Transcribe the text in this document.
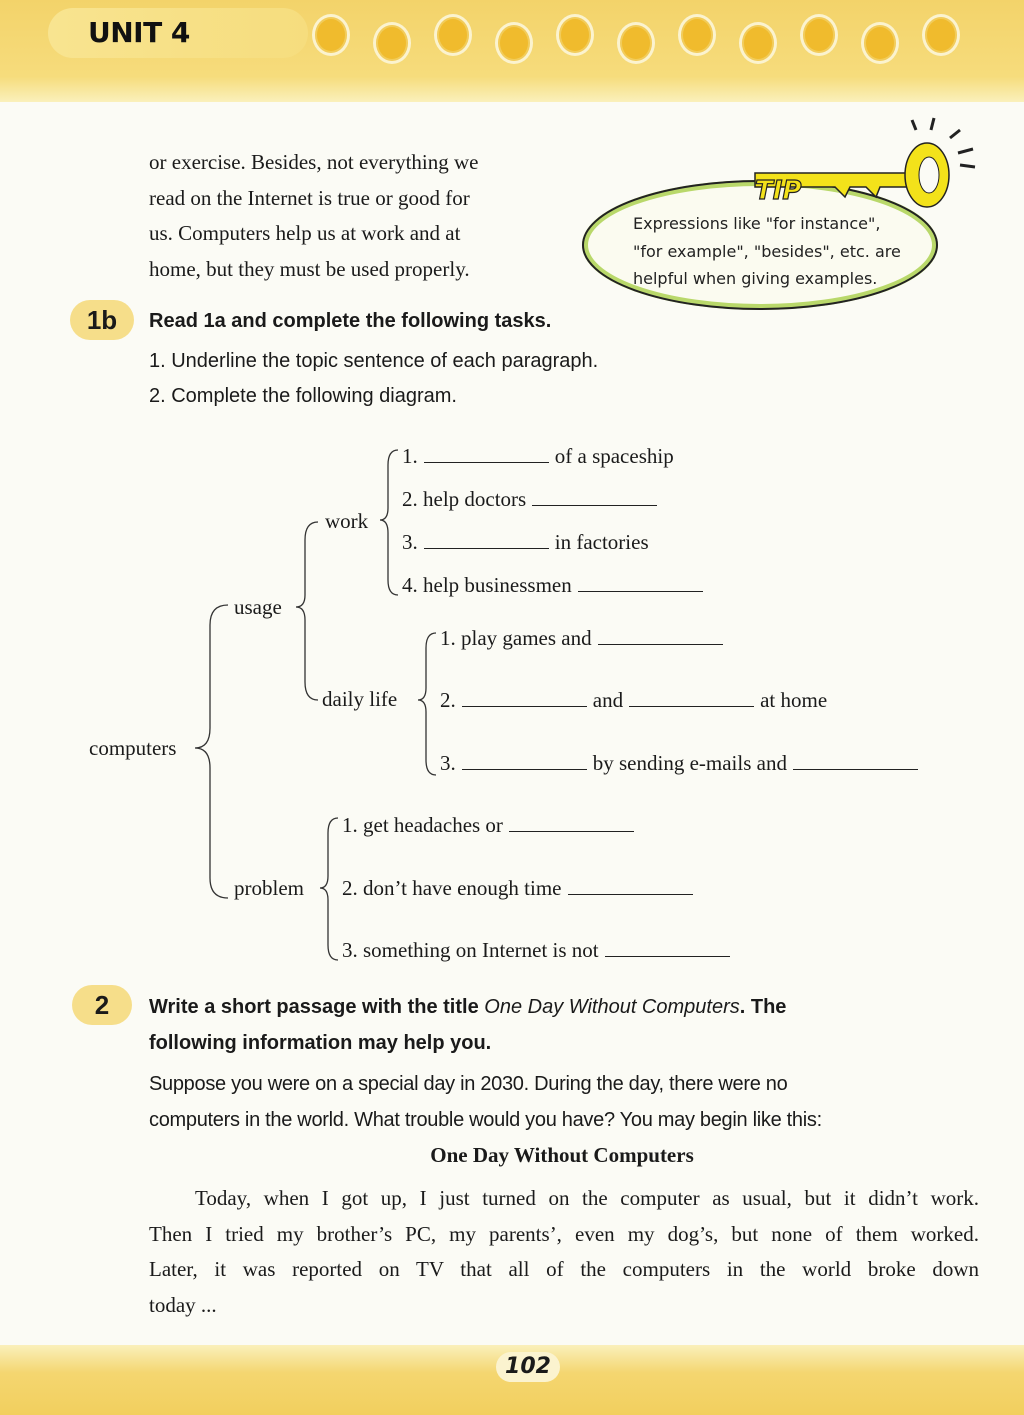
UNIT 4
or exercise. Besides, not everything we
read on the Internet is true or good for
us. Computers help us at work and at
home, but they must be used properly.
TIP
Expressions like "for instance",
"for example", "besides", etc. are
helpful when giving examples.
1b	Read 1a and complete the following tasks.
1. Underline the topic sentence of each paragraph.
2. Complete the following diagram.
computers
usage
work
daily life
problem
1.	of a spaceship
2. help doctors
3.	in factories
4. help businessmen
1. play games and
2.	and	at home
3.	by sending e-mails and
1. get headaches or
2. don’t have enough time
3. something on Internet is not
2	Write a short passage with the title One Day Without Computers. The
following information may help you.
Suppose you were on a special day in 2030. During the day, there were no
computers in the world. What trouble would you have? You may begin like this:
One Day Without Computers
Today, when I got up, I just turned on the computer as usual, but it didn’t work.
Then I tried my brother’s PC, my parents’, even my dog’s, but none of them worked.
Later, it was reported on TV that all of the computers in the world broke down
today ...
102
